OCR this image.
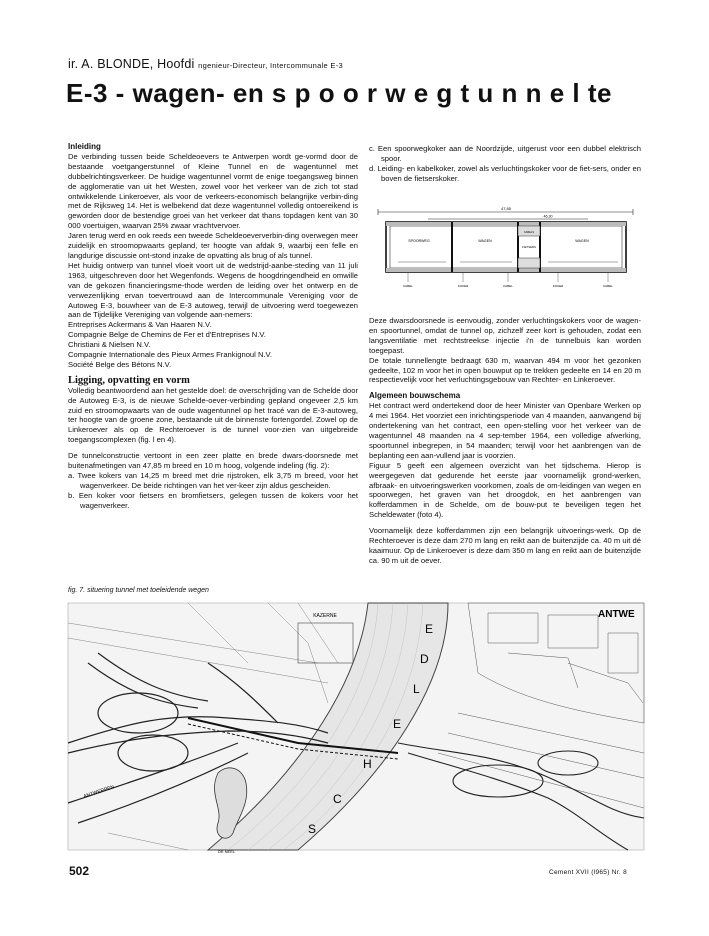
ir. A. BLONDE, Hoofdi ngenieur-Directeur, Intercommunale E-3
E-3 - wagen- en s p o o r w e g t u n n e l te

Inleiding

De verbinding tussen beide Scheldeoevers te Antwerpen wordt ge-vormd door de bestaande voetgangerstunnel of Kleine Tunnel en de wagentunnel met dubbelrichtingsverkeer. De huidige wagentunnel vormt de enige toegangsweg binnen de agglomeratie van uit het Westen, zowel voor het verkeer van de zich tot stad ontwikkelende Linkeroever, als voor de verkeers-economisch belangrijke verbin-ding met de Rijksweg 14. Het is welbekend dat deze wagentunnel volledig ontoereikend is geworden door de bestendige groei van het verkeer dat thans topdagen kent van 30 000 voertuigen, waarvan 25% zwaar vrachtvervoer.

Jaren terug werd en ook reeds een tweede Scheldeoeververbin-ding overwegen meer zuidelijk en stroomopwaarts gepland, ter hoogte van afdak 9, waarbij een felle en langdurige discussie ont-stond inzake de opvatting als brug of als tunnel.

Het huidig ontwerp van tunnel vloeit voort uit de wedstrijd-aanbe-steding van 11 juli 1963, uitgeschreven door het Wegenfonds. Wegens de hoogdringendheid en omwille van de gekozen financieringsme-thode werden de leiding over het ontwerp en de verwezenlijking ervan toevertrouwd aan de Intercommunale Vereniging voor de Autoweg E-3, bouwheer van de E-3 autoweg, terwijl de uitvoering werd toegewezen aan de Tijdelijke Vereniging van volgende aan-nemers:

Entreprises Ackermans & Van Haaren N.V.

Compagnie Belge de Chemins de Fer et d'Entreprises N.V.

Christiani & Nielsen N.V.

Compagnie Internationale des Pieux Armes Frankignoul N.V.

Société Belge des Bétons N.V.

Ligging, opvatting en vorm

Volledig beantwoordend aan het gestelde doel: de overschrijding van de Schelde door de Autoweg E-3, is de nieuwe Schelde-oever-verbinding gepland ongeveer 2,5 km zuid en stroomopwaarts van de oude wagentunnel op het tracé van de E-3-autoweg, ter hoogte van de groene zone, bestaande uit de binnenste fortengordel. Zowel op de Linkeroever als op de Rechteroever is de tunnel voor-zien van uitgebreide toegangscomplexen (fig. l en 4).

De tunnelconstructie vertoont in een zeer platte en brede dwars-doorsnede met buitenafmetingen van 47,85 m breed en 10 m hoog, volgende indeling (fig. 2):

a. Twee kokers van 14,25 m breed met drie rijstroken, elk 3,75 m breed, voor het wagenverkeer. De beide richtingen van het ver-keer zijn aldus gescheiden.

b. Een koker voor fietsers en bromfietsers, gelegen tussen de kokers voor het wagenverkeer.

c. Een spoorwegkoker aan de Noordzijde, uitgerust voor een dubbel elektrisch spoor.

d. Leiding- en kabelkoker, zowel als verluchtingskoker voor de fiet-sers, onder en boven de fietserskoker.

47,85
46,30
SPOORWEG	WAGEN
FIETSERS
KABELS
WAGEN
KABEL	KOKER	KABEL	KOKER	KABEL

Deze dwarsdoorsnede is eenvoudig, zonder verluchtingskokers voor de wagen- en spoortunnel, omdat de tunnel op, zichzelf zeer kort is gehouden, zodat een langsventilatie met rechtstreekse injectie i'n de tunnelbuis kan worden toegepast.

De totale tunnellengte bedraagt 630 m, waarvan 494 m voor het gezonken gedeelte, 102 m voor het in open bouwput op te trekken gedeelte en 14 en 20 m respectievelijk voor het verluchtingsgebouw van Rechter- en Linkeroever.

Algemeen bouwschema

Het contract werd ondertekend door de heer Minister van Openbare Werken op 4 mei 1964. Het voorziet een inrichtingsperiode van 4 maanden, aanvangend bij ondertekening van het contract, een open-stelling voor het verkeer van de wagentunnel 48 maanden na 4 sep-tember 1964, een volledige afwerking, spoortunnel inbegrepen, in 54 maanden; terwijl voor het aanbrengen van de beplanting een aan-vullend jaar is voorzien.

Figuur 5 geeft een algemeen overzicht van het tijdschema. Hierop is weergegeven dat gedurende het eerste jaar voornamelijk grond-werken, afbraak- en uitvoeringswerken voorkomen, zoals de om-leidingen van wegen en spoorwegen, het graven van het droogdok, en het aanbrengen van kofferdammen in de Schelde, om de bouw-put te beveiligen tegen het Scheldewater (foto 4).

Voornamelijk deze kofferdammen zijn een belangrijk uitvoerings-werk. Op de Rechteroever is deze dam 270 m lang en reikt aan de buitenzijde ca. 40 m uit dé kaaimuur. Op de Linkeroever is deze dam 350 m lang en reikt aan de buitenzijde ca. 90 m uit de oever.

fig. 7. situering tunnel met toeleidende wegen
KAZERNE	ANTWE
ANTWERPEN
DE NEEL
E
D
L
E
H
C
S
502	Cement XVII (l965) Nr. 8
